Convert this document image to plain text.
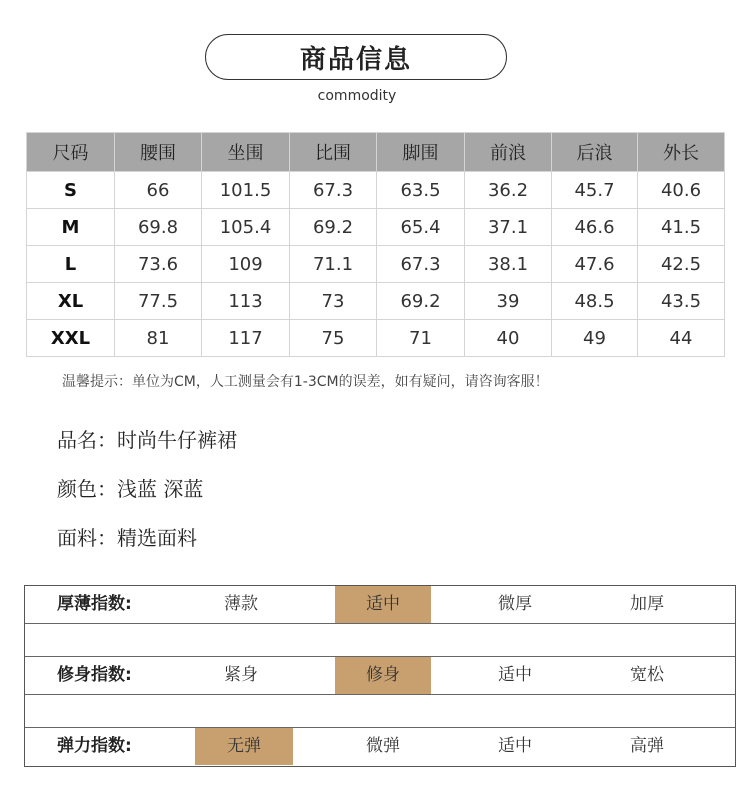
商品信息
commodity
尺码	腰围	坐围	比围	脚围	前浪	后浪	外长
S	66	101.5	67.3	63.5	36.2	45.7	40.6
M	69.8	105.4	69.2	65.4	37.1	46.6	41.5
L	73.6	109	71.1	67.3	38.1	47.6	42.5
XL	77.5	113	73	69.2	39	48.5	43.5
XXL	81	117	75	71	40	49	44
温馨提示：单位为CM，人工测量会有1-3CM的误差，如有疑问，请咨询客服！
品名：时尚牛仔裤裙
颜色：浅蓝 深蓝
面料：精选面料
厚薄指数:	薄款	适中	微厚	加厚
修身指数:	紧身	修身	适中	宽松
弹力指数:	无弹	微弹	适中	高弹
